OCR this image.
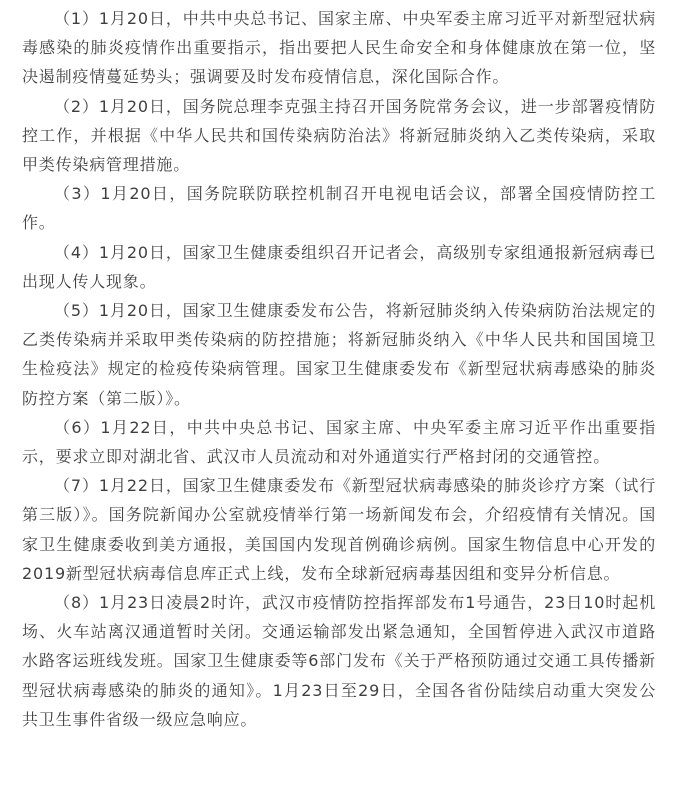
（1）1月20日，中共中央总书记、国家主席、中央军委主席习近平对新型冠状病毒感染的肺炎疫情作出重要指示，指出要把人民生命安全和身体健康放在第一位，坚决遏制疫情蔓延势头；强调要及时发布疫情信息，深化国际合作。

（2）1月20日，国务院总理李克强主持召开国务院常务会议，进一步部署疫情防控工作，并根据《中华人民共和国传染病防治法》将新冠肺炎纳入乙类传染病，采取甲类传染病管理措施。

（3）1月20日，国务院联防联控机制召开电视电话会议，部署全国疫情防控工作。

（4）1月20日，国家卫生健康委组织召开记者会，高级别专家组通报新冠病毒已出现人传人现象。

（5）1月20日，国家卫生健康委发布公告，将新冠肺炎纳入传染病防治法规定的乙类传染病并采取甲类传染病的防控措施；将新冠肺炎纳入《中华人民共和国国境卫生检疫法》规定的检疫传染病管理。国家卫生健康委发布《新型冠状病毒感染的肺炎防控方案（第二版）》。

（6）1月22日，中共中央总书记、国家主席、中央军委主席习近平作出重要指示，要求立即对湖北省、武汉市人员流动和对外通道实行严格封闭的交通管控。

（7）1月22日，国家卫生健康委发布《新型冠状病毒感染的肺炎诊疗方案（试行第三版）》。国务院新闻办公室就疫情举行第一场新闻发布会，介绍疫情有关情况。国家卫生健康委收到美方通报，美国国内发现首例确诊病例。国家生物信息中心开发的2019新型冠状病毒信息库正式上线，发布全球新冠病毒基因组和变异分析信息。

（8）1月23日凌晨2时许，武汉市疫情防控指挥部发布1号通告，23日10时起机场、火车站离汉通道暂时关闭。交通运输部发出紧急通知，全国暂停进入武汉市道路水路客运班线发班。国家卫生健康委等6部门发布《关于严格预防通过交通工具传播新型冠状病毒感染的肺炎的通知》。1月23日至29日，全国各省份陆续启动重大突发公共卫生事件省级一级应急响应。
